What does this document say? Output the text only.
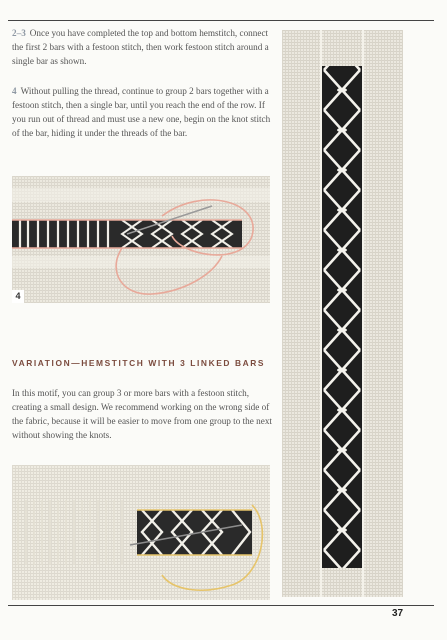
2–3 Once you have completed the top and bottom hemstitch, connect the first 2 bars with a festoon stitch, then work festoon stitch around a single bar as shown.

4 Without pulling the thread, continue to group 2 bars together with a festoon stitch, then a single bar, until you reach the end of the row. If you run out of thread and must use a new one, begin on the knot stitch of the bar, hiding it under the threads of the bar.

4
VARIATION—HEMSTITCH WITH 3 LINKED BARS

In this motif, you can group 3 or more bars with a festoon stitch, creating a small design. We recommend working on the wrong side of the fabric, because it will be easier to move from one group to the next without showing the knots.

37
